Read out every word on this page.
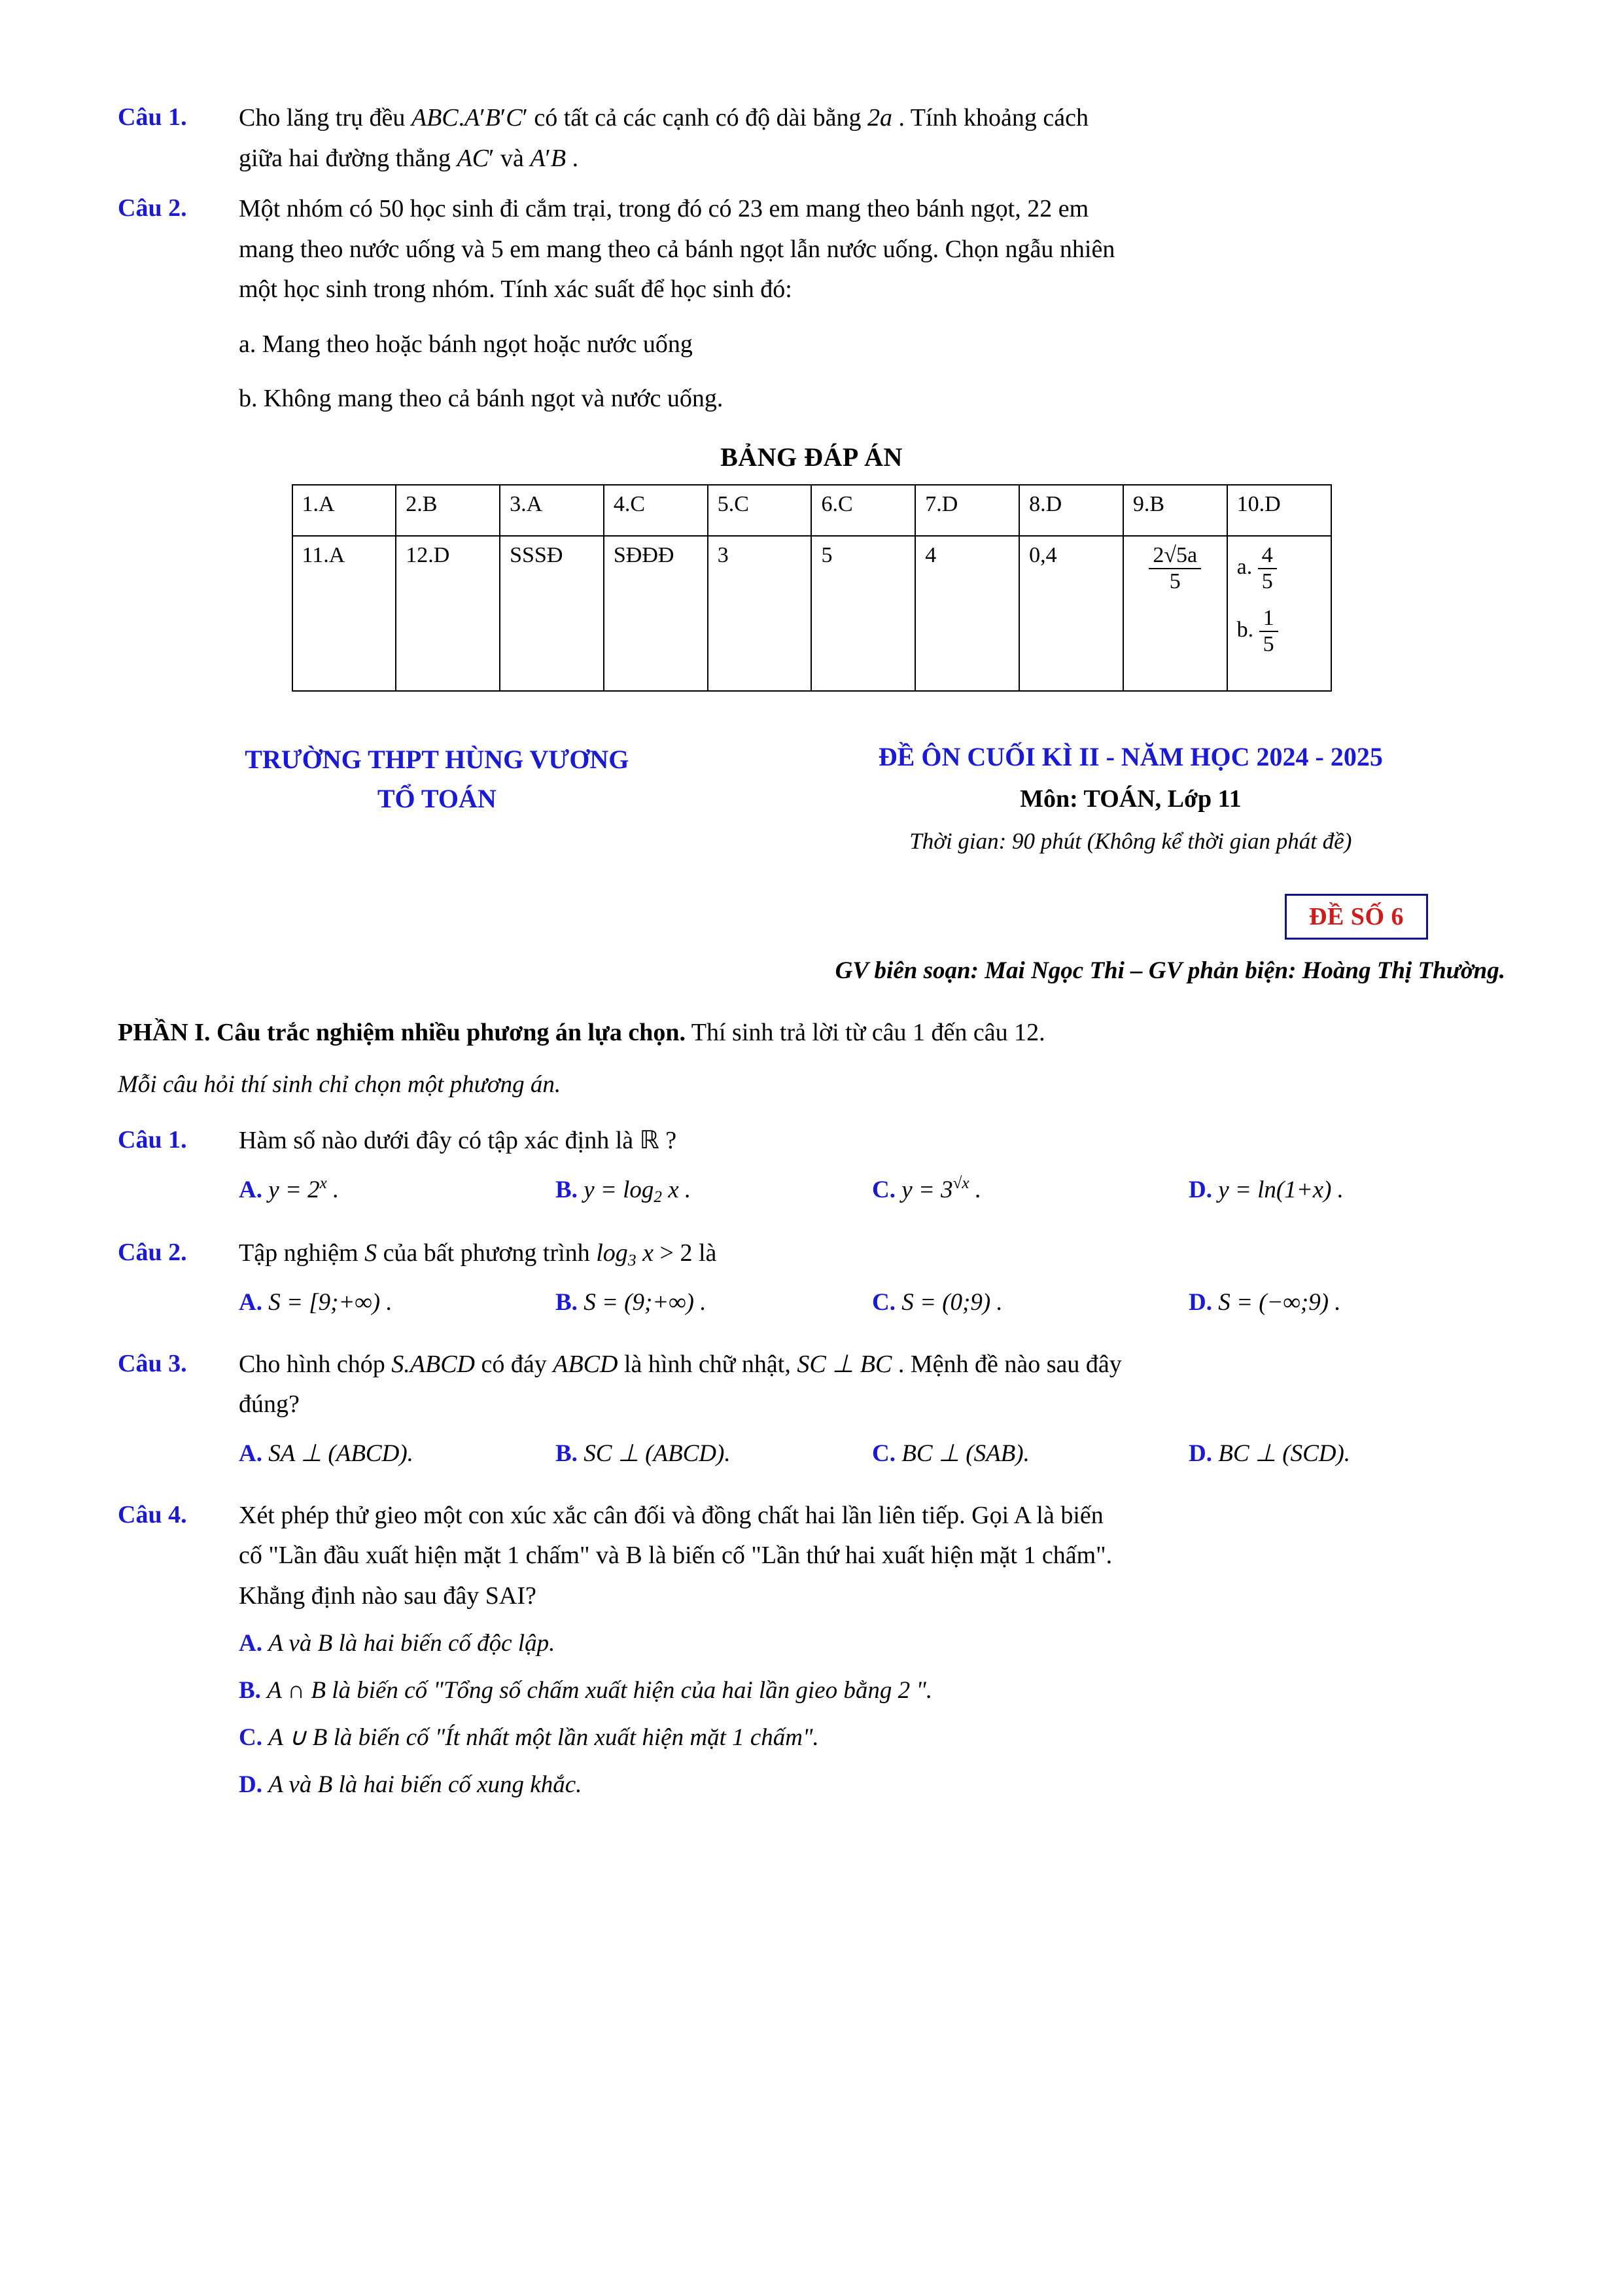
Câu 1.	Cho lăng trụ đều ABC.A′B′C′ có tất cả các cạnh có độ dài bằng 2a . Tính khoảng cách
giữa hai đường thẳng AC′ và A′B .
Câu 2.	Một nhóm có 50 học sinh đi cắm trại, trong đó có 23 em mang theo bánh ngọt, 22 em
mang theo nước uống và 5 em mang theo cả bánh ngọt lẫn nước uống. Chọn ngẫu nhiên
một học sinh trong nhóm. Tính xác suất để học sinh đó:
a. Mang theo hoặc bánh ngọt hoặc nước uống
b. Không mang theo cả bánh ngọt và nước uống.
BẢNG ĐÁP ÁN
1.A	2.B	3.A	4.C	5.C	6.C	7.D	8.D	9.B	10.D
11.A	12.D	SSSĐ	SĐĐĐ	3	5	4	0,4	$\frac{2√5a}{5}$	a. $\frac{4}{5}$
b. $\frac{1}{5}$
TRƯỜNG THPT HÙNG VƯƠNG
TỔ TOÁN
ĐỀ ÔN CUỐI KÌ II - NĂM HỌC 2024 - 2025
Môn: TOÁN, Lớp 11
Thời gian: 90 phút (Không kể thời gian phát đề)
ĐỀ SỐ 6
GV biên soạn: Mai Ngọc Thi – GV phản biện: Hoàng Thị Thường.
PHẦN I. Câu trắc nghiệm nhiều phương án lựa chọn. Thí sinh trả lời từ câu 1 đến câu 12.
Mỗi câu hỏi thí sinh chỉ chọn một phương án.
Câu 1.	Hàm số nào dưới đây có tập xác định là ℝ ?
A. $y = 2^x$ .	B. $y = \log_2 x$ .	C. $y = 3^{√x}$ .	D. y = ln(1+x) .
Câu 2.	Tập nghiệm S của bất phương trình $\log_3 x > 2$ là
A. S = [9;+∞) .	B. S = (9;+∞) .	C. S = (0;9) .	D. S = (−∞;9) .
Câu 3.	Cho hình chóp S.ABCD có đáy ABCD là hình chữ nhật, SC ⊥ BC . Mệnh đề nào sau đây
đúng?
A. SA ⊥ (ABCD).	B. SC ⊥ (ABCD).	C. BC ⊥ (SAB).	D. BC ⊥ (SCD).
Câu 4.	Xét phép thử gieo một con xúc xắc cân đối và đồng chất hai lần liên tiếp. Gọi A là biến
cố "Lần đầu xuất hiện mặt 1 chấm" và B là biến cố "Lần thứ hai xuất hiện mặt 1 chấm".
Khẳng định nào sau đây SAI?
A. A và B là hai biến cố độc lập.
B. A ∩ B là biến cố "Tổng số chấm xuất hiện của hai lần gieo bằng 2 ".
C. A ∪ B là biến cố "Ít nhất một lần xuất hiện mặt 1 chấm".
D. A và B là hai biến cố xung khắc.
